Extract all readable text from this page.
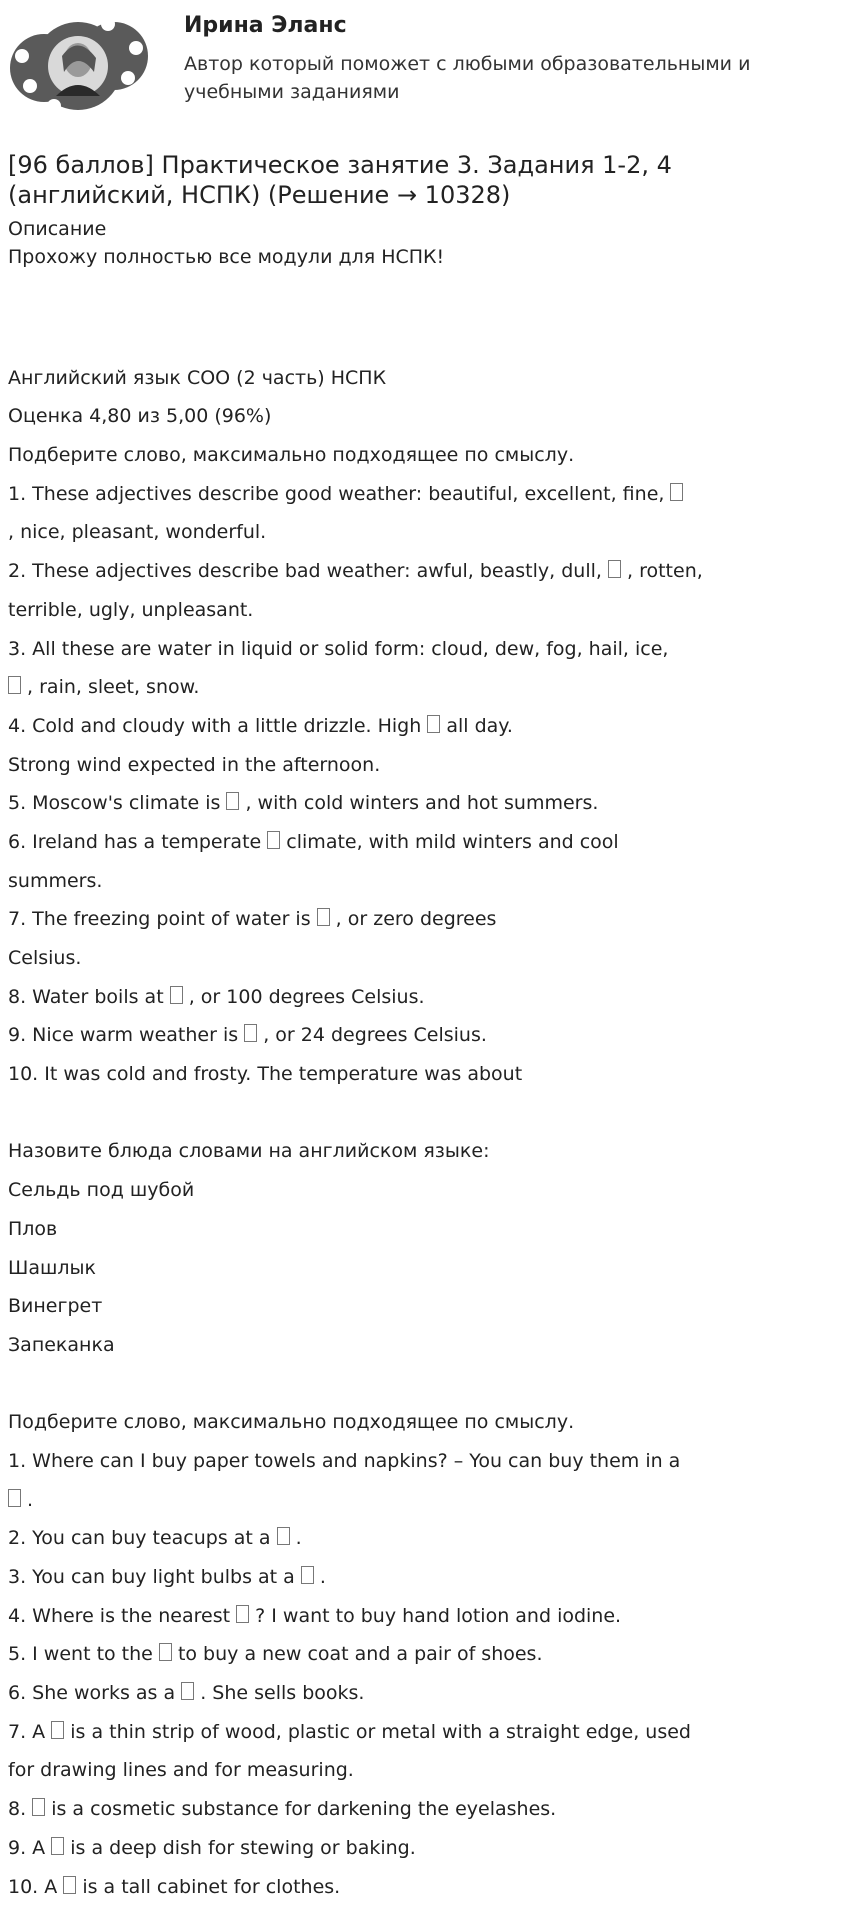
Ирина Эланс
Автор который поможет с любыми образовательными и учебными заданиями
[96 баллов] Практическое занятие 3. Задания 1-2, 4 (английский, НСПК) (Решение → 10328)
Описание
Прохожу полностью все модули для НСПК!
Английский язык СОО (2 часть) НСПК
Оценка 4,80 из 5,00 (96%)
Подберите слово, максимально подходящее по смыслу.
1. These adjectives describe good weather: beautiful, excellent, fine,
, nice, pleasant, wonderful.
2. These adjectives describe bad weather: awful, beastly, dull,  , rotten,
terrible, ugly, unpleasant.
3. All these are water in liquid or solid form: cloud, dew, fog, hail, ice,
, rain, sleet, snow.
4. Cold and cloudy with a little drizzle. High  all day.
Strong wind expected in the afternoon.
5. Moscow's climate is  , with cold winters and hot summers.
6. Ireland has a temperate  climate, with mild winters and cool
summers.
7. The freezing point of water is  , or zero degrees
Celsius.
8. Water boils at  , or 100 degrees Celsius.
9. Nice warm weather is  , or 24 degrees Celsius.
10. It was cold and frosty. The temperature was about
Назовите блюда словами на английском языке:
Сельдь под шубой
Плов
Шашлык
Винегрет
Запеканка
Подберите слово, максимально подходящее по смыслу.
1. Where can I buy paper towels and napkins? – You can buy them in a
.
2. You can buy teacups at a  .
3. You can buy light bulbs at a  .
4. Where is the nearest  ? I want to buy hand lotion and iodine.
5. I went to the  to buy a new coat and a pair of shoes.
6. She works as a  . She sells books.
7. A  is a thin strip of wood, plastic or metal with a straight edge, used
for drawing lines and for measuring.
8.  is a cosmetic substance for darkening the eyelashes.
9. A  is a deep dish for stewing or baking.
10. A  is a tall cabinet for clothes.
